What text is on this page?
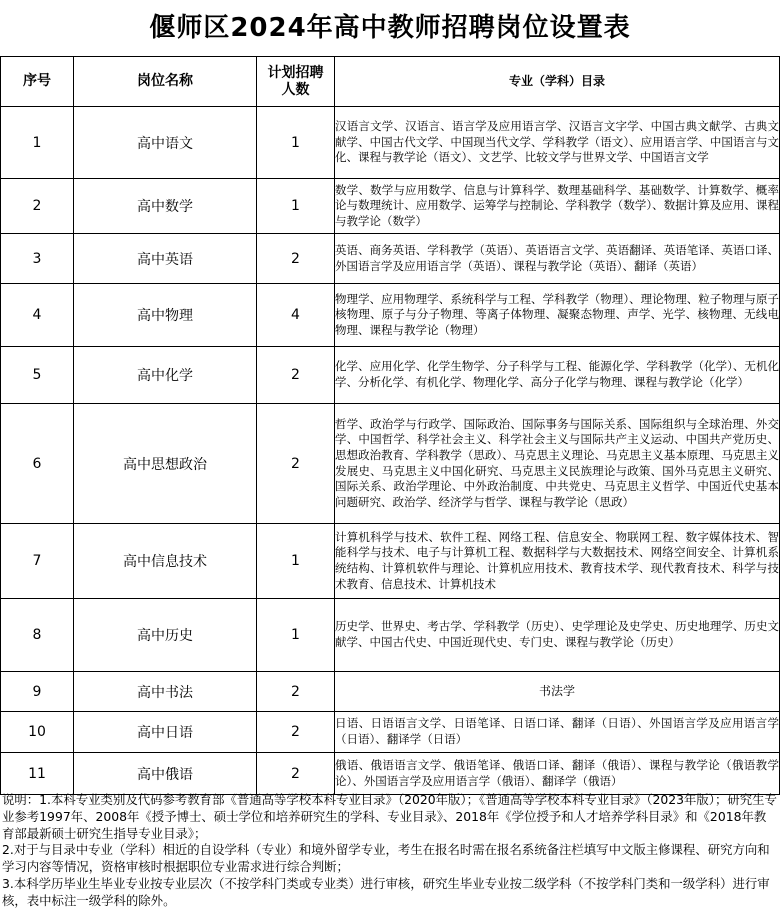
偃师区2024年高中教师招聘岗位设置表
序号	岗位名称	计划招聘人数	专业（学科）目录
1	高中语文	1	汉语言文学、汉语言、语言学及应用语言学、汉语言文字学、中国古典文献学、古典文献学、中国古代文学、中国现当代文学、学科教学（语文）、应用语言学、中国语言与文化、课程与教学论（语文）、文艺学、比较文学与世界文学、中国语言文学
2	高中数学	1	数学、数学与应用数学、信息与计算科学、数理基础科学、基础数学、计算数学、概率论与数理统计、应用数学、运筹学与控制论、学科教学（数学）、数据计算及应用、课程与教学论（数学）
3	高中英语	2	英语、商务英语、学科教学（英语）、英语语言文学、英语翻译、英语笔译、英语口译、外国语言学及应用语言学（英语）、课程与教学论（英语）、翻译（英语）
4	高中物理	4	物理学、应用物理学、系统科学与工程、学科教学（物理）、理论物理、粒子物理与原子核物理、原子与分子物理、等离子体物理、凝聚态物理、声学、光学、核物理、无线电物理、课程与教学论（物理）
5	高中化学	2	化学、应用化学、化学生物学、分子科学与工程、能源化学、学科教学（化学）、无机化学、分析化学、有机化学、物理化学、高分子化学与物理、课程与教学论（化学）
6	高中思想政治	2	哲学、政治学与行政学、国际政治、国际事务与国际关系、国际组织与全球治理、外交学、中国哲学、科学社会主义、科学社会主义与国际共产主义运动、中国共产党历史、思想政治教育、学科教学（思政）、马克思主义理论、马克思主义基本原理、马克思主义发展史、马克思主义中国化研究、马克思主义民族理论与政策、国外马克思主义研究、国际关系、政治学理论、中外政治制度、中共党史、马克思主义哲学、中国近代史基本问题研究、政治学、经济学与哲学、课程与教学论（思政）
7	高中信息技术	1	计算机科学与技术、软件工程、网络工程、信息安全、物联网工程、数字媒体技术、智能科学与技术、电子与计算机工程、数据科学与大数据技术、网络空间安全、计算机系统结构、计算机软件与理论、计算机应用技术、教育技术学、现代教育技术、科学与技术教育、信息技术、计算机技术
8	高中历史	1	历史学、世界史、考古学、学科教学（历史）、史学理论及史学史、历史地理学、历史文献学、中国古代史、中国近现代史、专门史、课程与教学论（历史）
9	高中书法	2	书法学
10	高中日语	2	日语、日语语言文学、日语笔译、日语口译、翻译（日语）、外国语言学及应用语言学（日语）、翻译学（日语）
11	高中俄语	2	俄语、俄语语言文学、俄语笔译、俄语口译、翻译（俄语）、课程与教学论（俄语教学论）、外国语言学及应用语言学（俄语）、翻译学（俄语）
说明：1.本科专业类别及代码参考教育部《普通高等学校本科专业目录》（2020年版）；《普通高等学校本科专业目录》（2023年版）；研究生专业参考1997年、2008年《授予博士、硕士学位和培养研究生的学科、专业目录》、2018年《学位授予和人才培养学科目录》和《2018年教育部最新硕士研究生指导专业目录》；
2.对于与目录中专业（学科）相近的自设学科（专业）和境外留学专业，考生在报名时需在报名系统备注栏填写中文版主修课程、研究方向和学习内容等情况，资格审核时根据职位专业需求进行综合判断；
3.本科学历毕业生毕业专业按专业层次（不按学科门类或专业类）进行审核，研究生毕业专业按二级学科（不按学科门类和一级学科）进行审核，表中标注一级学科的除外。
